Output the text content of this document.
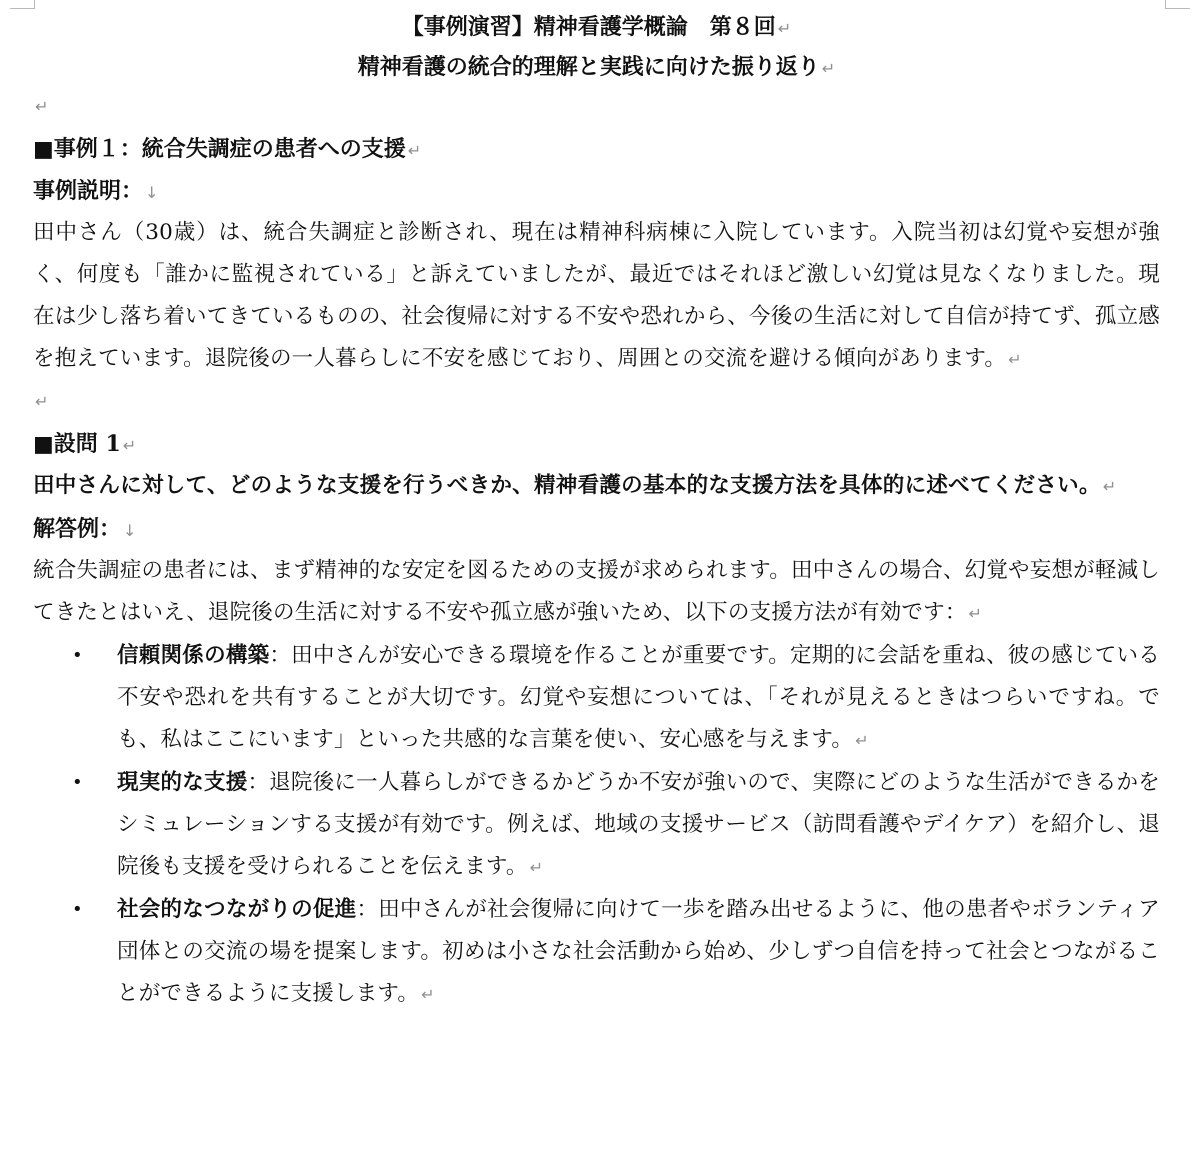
【事例演習】精神看護学概論　第８回 ↵
精神看護の統合的理解と実践に向けた振り返り ↵
↵
■事例１：統合失調症の患者への支援 ↵
事例説明： ↓
田中さん（30歳）は、統合失調症と診断され、現在は精神科病棟に入院しています。入院当初は幻覚や妄想が強く、何度も「誰かに監視されている」と訴えていましたが、最近ではそれほど激しい幻覚は見なくなりました。現在は少し落ち着いてきているものの、社会復帰に対する不安や恐れから、今後の生活に対して自信が持てず、孤立感を抱えています。退院後の一人暮らしに不安を感じており、周囲との交流を避ける傾向があります。 ↵
↵
■設問 1 ↵
田中さんに対して、どのような支援を行うべきか、精神看護の基本的な支援方法を具体的に述べてください。 ↵
解答例： ↓
統合失調症の患者には、まず精神的な安定を図るための支援が求められます。田中さんの場合、幻覚や妄想が軽減してきたとはいえ、退院後の生活に対する不安や孤立感が強いため、以下の支援方法が有効です： ↵
• 信頼関係の構築：田中さんが安心できる環境を作ることが重要です。定期的に会話を重ね、彼の感じている不安や恐れを共有することが大切です。幻覚や妄想については、「それが見えるときはつらいですね。でも、私はここにいます」といった共感的な言葉を使い、安心感を与えます。 ↵
• 現実的な支援：退院後に一人暮らしができるかどうか不安が強いので、実際にどのような生活ができるかをシミュレーションする支援が有効です。例えば、地域の支援サービス（訪問看護やデイケア）を紹介し、退院後も支援を受けられることを伝えます。 ↵
• 社会的なつながりの促進：田中さんが社会復帰に向けて一歩を踏み出せるように、他の患者やボランティア団体との交流の場を提案します。初めは小さな社会活動から始め、少しずつ自信を持って社会とつながることができるように支援します。 ↵
